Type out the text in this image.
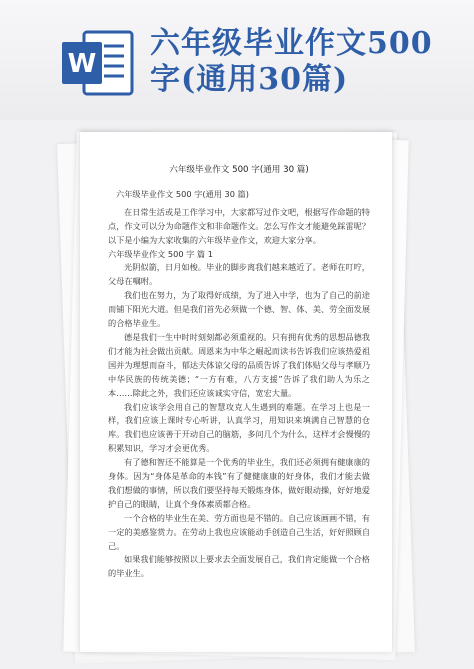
W
六年级毕业作文500字(通用30篇)
六年级毕业作文 500 字(通用 30 篇)
六年级毕业作文 500 字(通用 30 篇)

在日常生活或是工作学习中，大家都写过作文吧，根据写作命题的特点，作文可以分为命题作文和非命题作文。怎么写作文才能避免踩雷呢？以下是小编为大家收集的六年级毕业作文，欢迎大家分享。

六年级毕业作文 500 字 篇 1

光阴似箭，日月如梭。毕业的脚步离我们越来越近了。老师在叮咛，父母在嘱咐。

我们也在努力，为了取得好成绩，为了进入中学，也为了自己的前途而铺下阳光大道。但是我们首先必须做一个德、智、体、美、劳全面发展的合格毕业生。

德是我们一生中时时刻刻都必须重视的。只有拥有优秀的思想品德我们才能为社会做出贡献。周恩来为中华之崛起而读书告诉我们应该热爱祖国并为理想而奋斗，郁达夫体谅父母的品质告诉了我们体贴父母与孝顺乃中华民族的传统美德；“一方有难，八方支援”告诉了我们助人为乐之本……除此之外，我们还应该诚实守信，宽宏大量。

我们应该学会用自己的智慧攻克人生遇到的难题。在学习上也是一样，我们应该上课时专心听讲，认真学习，用知识来填满自己智慧的仓库。我们也应该善于开动自己的脑筋，多问几个为什么，这样才会慢慢的积累知识，学习才会更优秀。

有了德和智还不能算是一个优秀的毕业生，我们还必须拥有健康康的身体。因为“身体是革命的本钱”有了健健康康的好身体，我们才能去做我们想做的事情，所以我们要坚持每天锻炼身体，做好眼动操，好好地爱护自己的眼睛，让真个身体素质都合格。

一个合格的毕业生在美、劳方面也是不错的。自己应该画画不错，有一定的美感鉴赏力。在劳动上我也应该能动手创造自己生活，好好照顾自己。

如果我们能够按照以上要求去全面发展自己，我们肯定能做一个合格的毕业生。
